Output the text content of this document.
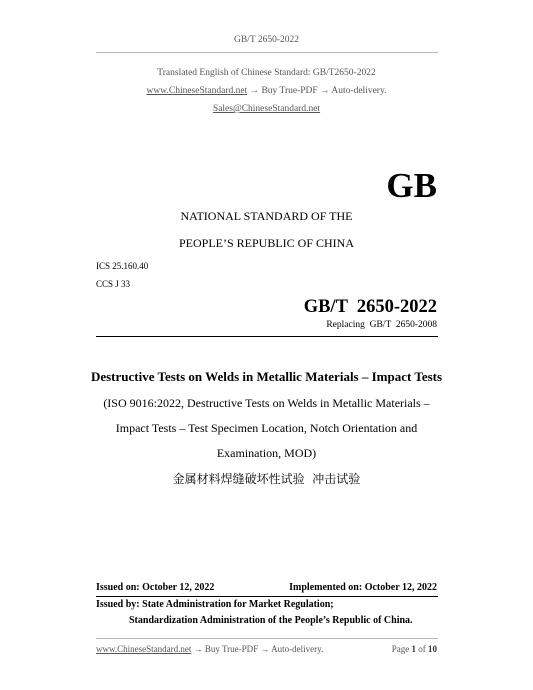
GB/T 2650-2022
Translated English of Chinese Standard: GB/T2650-2022
www.ChineseStandard.net → Buy True-PDF → Auto-delivery.
Sales@ChineseStandard.net
GB
NATIONAL STANDARD OF THE
PEOPLE’S REPUBLIC OF CHINA
ICS 25.160.40
CCS J 33
GB/T  2650-2022
Replacing  GB/T  2650-2008
Destructive Tests on Welds in Metallic Materials – Impact Tests
(ISO 9016:2022, Destructive Tests on Welds in Metallic Materials –
Impact Tests – Test Specimen Location, Notch Orientation and
Examination, MOD)
金属材料焊缝破坏性试验  冲击试验
Issued on: October 12, 2022	Implemented on: October 12, 2022
Issued by: State Administration for Market Regulation;
Standardization Administration of the People’s Republic of China.
www.ChineseStandard.net → Buy True-PDF → Auto-delivery.	Page 1 of 10
